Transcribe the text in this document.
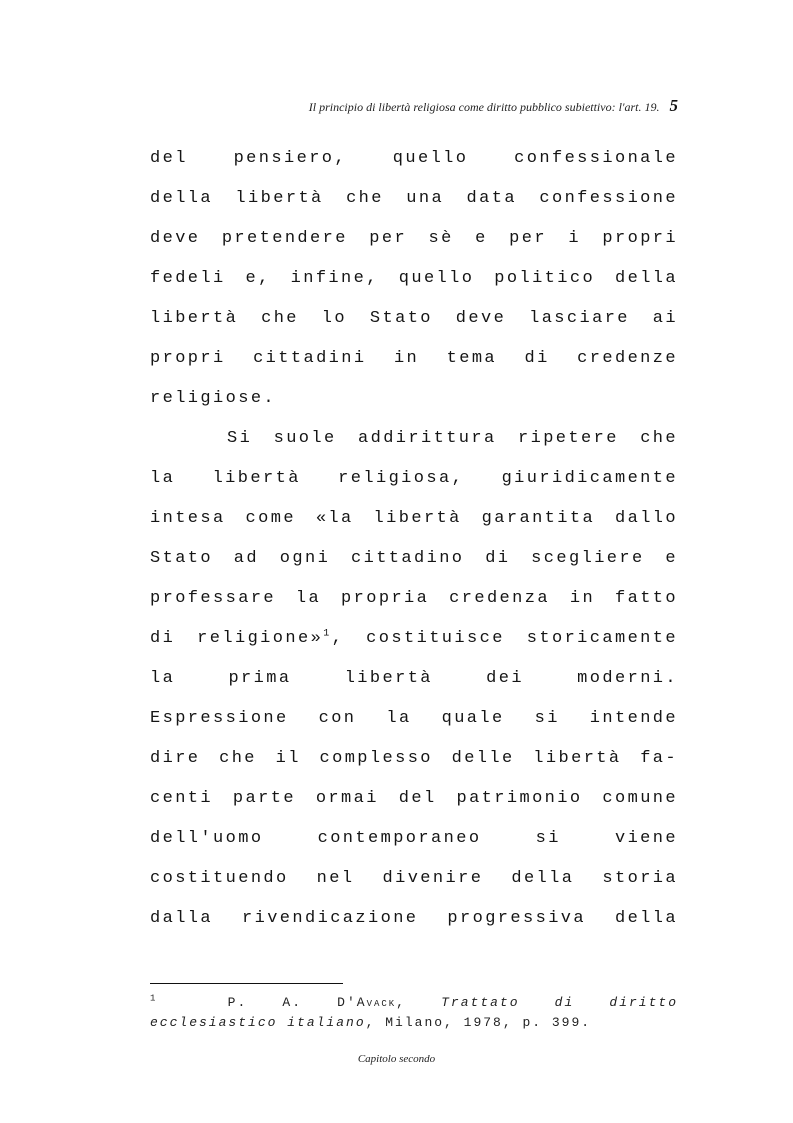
Il principio di libertà religiosa come diritto pubblico subiettivo: l'art. 19. 5
del pensiero, quello confessionale
della libertà che una data confessione
deve pretendere per sè e per i propri
fedeli e, infine, quello politico della
libertà che lo Stato deve lasciare ai
propri cittadini in tema di credenze
religiose.
Si suole addirittura ripetere che
la libertà religiosa, giuridicamente
intesa come «la libertà garantita dallo
Stato ad ogni cittadino di scegliere e
professare la propria credenza in fatto
di religione»$^1$, costituisce storicamente
la prima libertà dei moderni.
Espressione con la quale si intende
dire che il complesso delle libertà fa-
centi parte ormai del patrimonio comune
dell'uomo contemporaneo si viene
costituendo nel divenire della storia
dalla rivendicazione progressiva della
$^1$	P. A.	D'Avack,	Trattato di diritto
ecclesiastico italiano, Milano, 1978, p. 399.
Capitolo secondo
